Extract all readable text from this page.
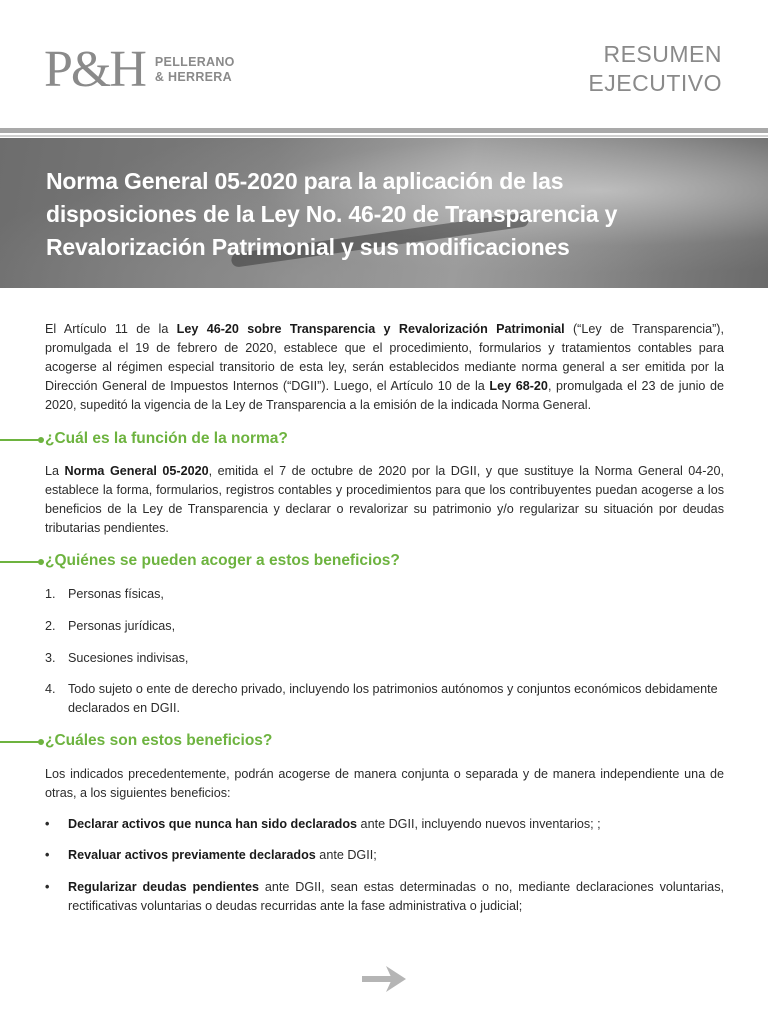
P&H PELLERANO
& HERRERA
RESUMEN
EJECUTIVO
Norma General 05-2020 para la aplicación de las disposiciones de la Ley No. 46-20 de Transparencia y Revalorización Patrimonial y sus modificaciones

El Artículo 11 de la Ley 46-20 sobre Transparencia y Revalorización Patrimonial (“Ley de Transparencia”), promulgada el 19 de febrero de 2020, establece que el procedimiento, formularios y tratamientos contables para acogerse al régimen especial transitorio de esta ley, serán establecidos mediante norma general a ser emitida por la Dirección General de Impuestos Internos (“DGII”). Luego, el Artículo 10 de la Ley 68-20, promulgada el 23 de junio de 2020, supeditó la vigencia de la Ley de Transparencia a la emisión de la indicada Norma General.

¿Cuál es la función de la norma?

La Norma General 05-2020, emitida el 7 de octubre de 2020 por la DGII, y que sustituye la Norma General 04-20, establece la forma, formularios, registros contables y procedimientos para que los contribuyentes puedan acogerse a los beneficios de la Ley de Transparencia y declarar o revalorizar su patrimonio y/o regularizar su situación por deudas tributarias pendientes.

¿Quiénes se pueden acoger a estos beneficios?
1. Personas físicas,
2. Personas jurídicas,
3. Sucesiones indivisas,
4. Todo sujeto o ente de derecho privado, incluyendo los patrimonios autónomos y conjuntos económicos debidamente declarados en DGII.
¿Cuáles son estos beneficios?

Los indicados precedentemente, podrán acogerse de manera conjunta o separada y de manera independiente una de otras, a los siguientes beneficios:

•	Declarar activos que nunca han sido declarados ante DGII, incluyendo nuevos inventarios; ;
•	Revaluar activos previamente declarados ante DGII;
•	Regularizar deudas pendientes ante DGII, sean estas determinadas o no, mediante declaraciones voluntarias, rectificativas voluntarias o deudas recurridas ante la fase administrativa o judicial;
